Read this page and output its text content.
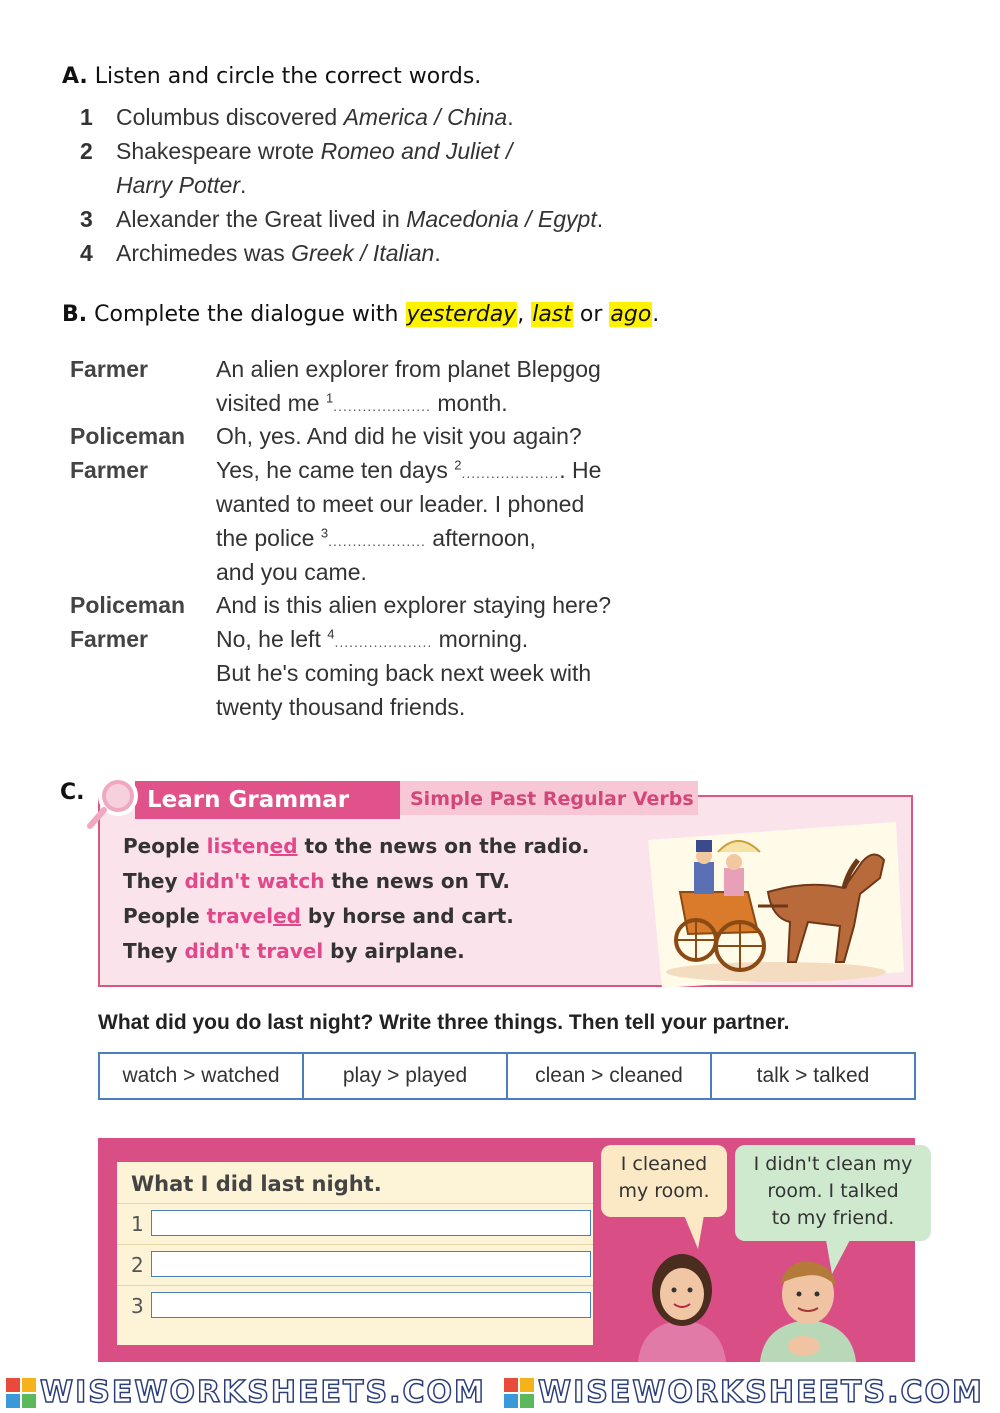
A. Listen and circle the correct words.
1 Columbus discovered America / China.
2 Shakespeare wrote Romeo and Juliet /
Harry Potter.
3 Alexander the Great lived in Macedonia / Egypt.
4 Archimedes was Greek / Italian.
B. Complete the dialogue with yesterday, last or ago.
Farmer	An alien explorer from planet Blepgog
visited me $^1$.................... month.
Policeman Oh, yes. And did he visit you again?
Farmer	Yes, he came ten days $^2$..................... He
wanted to meet our leader. I phoned
the police $^3$.................... afternoon,
and you came.
Policeman And is this alien explorer staying here?
Farmer	No, he left $^4$.................... morning.
But he's coming back next week with
twenty thousand friends.
C.	Learn Grammar	Simple Past Regular Verbs
People listened to the news on the radio.
They didn't watch the news on TV.
People traveled by horse and cart.
They didn't travel by airplane.
What did you do last night? Write three things. Then tell your partner.
watch > watched	play > played	clean > cleaned	talk > talked
What I did last night.
1
2
3
I cleaned
my room.
I didn't clean my
room. I talked
to my friend.
WISEWORKSHEETS.COM WISEWORKSHEETS.COM
